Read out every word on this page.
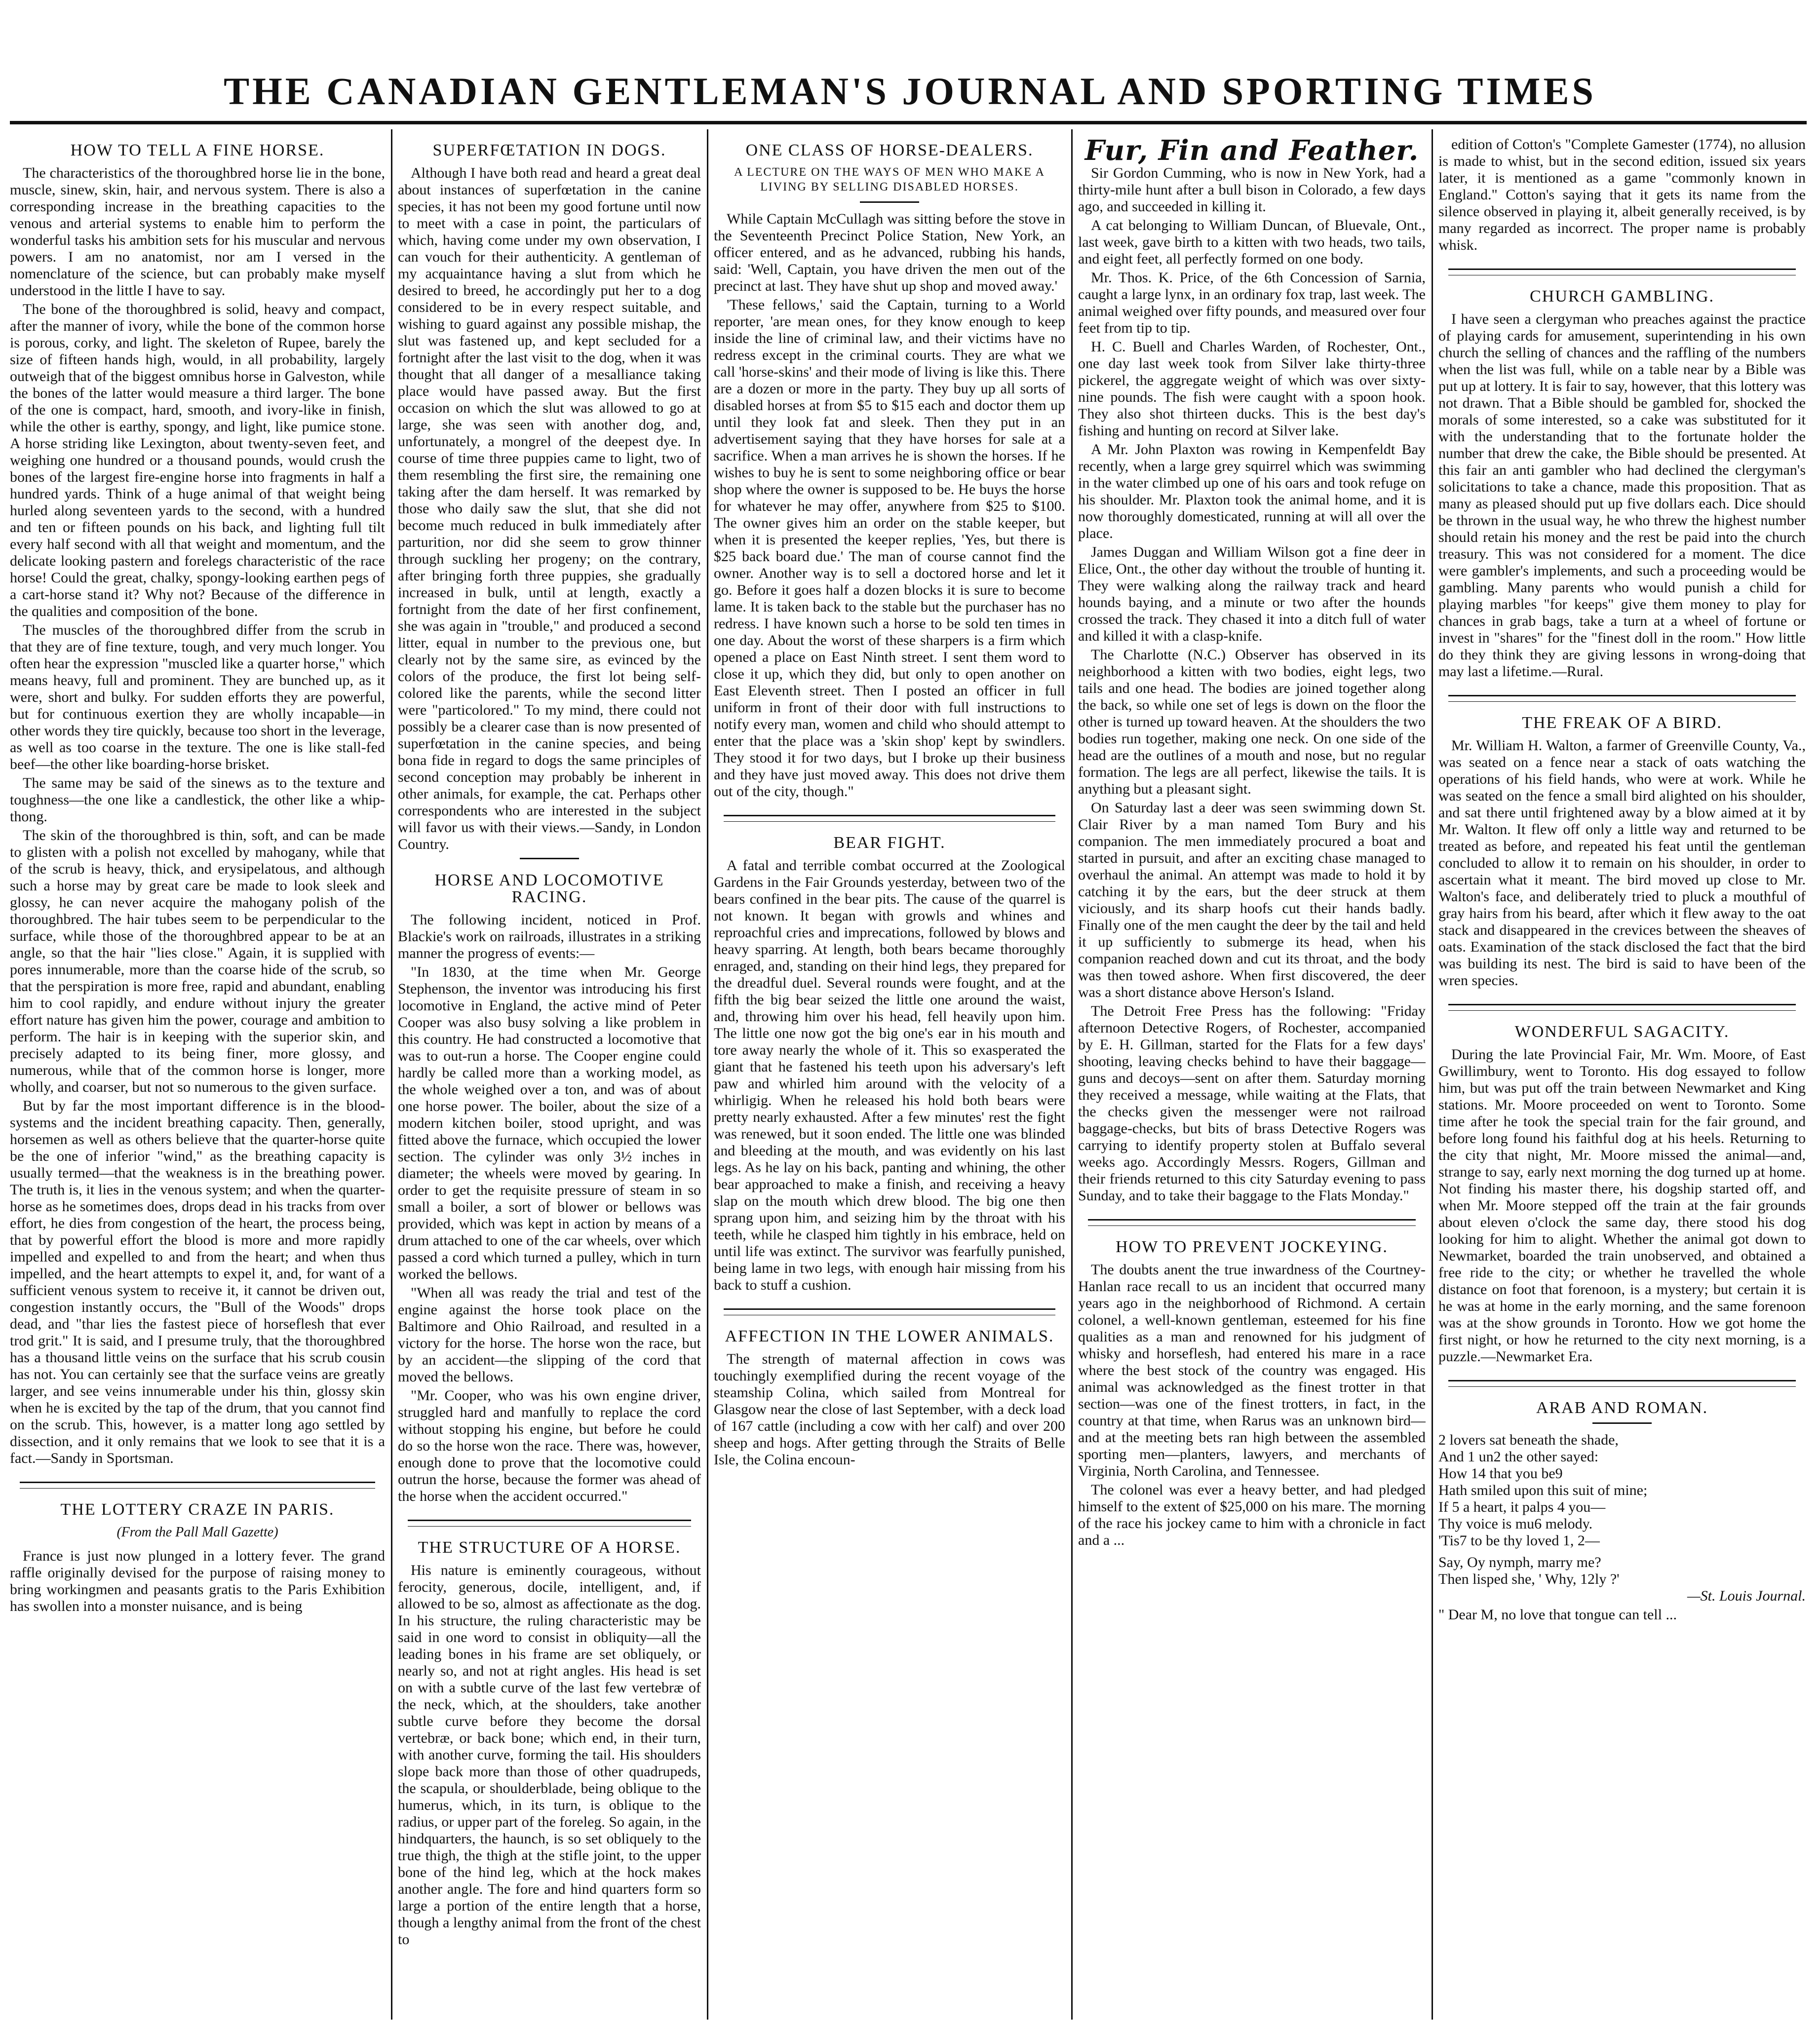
THE CANADIAN GENTLEMAN'S JOURNAL AND SPORTING TIMES
HOW TO TELL A FINE HORSE.

The characteristics of the thoroughbred horse lie in the bone, muscle, sinew, skin, hair, and nervous system. There is also a corresponding increase in the breathing capacities to the venous and arterial systems to enable him to perform the wonderful tasks his ambition sets for his muscular and nervous powers. I am no anatomist, nor am I versed in the nomenclature of the science, but can probably make myself understood in the little I have to say.

The bone of the thoroughbred is solid, heavy and compact, after the manner of ivory, while the bone of the common horse is porous, corky, and light. The skeleton of Rupee, barely the size of fifteen hands high, would, in all probability, largely outweigh that of the biggest omnibus horse in Galveston, while the bones of the latter would measure a third larger. The bone of the one is compact, hard, smooth, and ivory-like in finish, while the other is earthy, spongy, and light, like pumice stone. A horse striding like Lexington, about twenty-seven feet, and weighing one hundred or a thousand pounds, would crush the bones of the largest fire-engine horse into fragments in half a hundred yards. Think of a huge animal of that weight being hurled along seventeen yards to the second, with a hundred and ten or fifteen pounds on his back, and lighting full tilt every half second with all that weight and momentum, and the delicate looking pastern and forelegs characteristic of the race horse! Could the great, chalky, spongy-looking earthen pegs of a cart-horse stand it? Why not? Because of the difference in the qualities and composition of the bone.

The muscles of the thoroughbred differ from the scrub in that they are of fine texture, tough, and very much longer. You often hear the expression "muscled like a quarter horse," which means heavy, full and prominent. They are bunched up, as it were, short and bulky. For sudden efforts they are powerful, but for continuous exertion they are wholly incapable—in other words they tire quickly, because too short in the leverage, as well as too coarse in the texture. The one is like stall-fed beef—the other like boarding-horse brisket.

The same may be said of the sinews as to the texture and toughness—the one like a candlestick, the other like a whip-thong.

The skin of the thoroughbred is thin, soft, and can be made to glisten with a polish not excelled by mahogany, while that of the scrub is heavy, thick, and erysipelatous, and although such a horse may by great care be made to look sleek and glossy, he can never acquire the mahogany polish of the thoroughbred. The hair tubes seem to be perpendicular to the surface, while those of the thoroughbred appear to be at an angle, so that the hair "lies close." Again, it is supplied with pores innumerable, more than the coarse hide of the scrub, so that the perspiration is more free, rapid and abundant, enabling him to cool rapidly, and endure without injury the greater effort nature has given him the power, courage and ambition to perform. The hair is in keeping with the superior skin, and precisely adapted to its being finer, more glossy, and numerous, while that of the common horse is longer, more wholly, and coarser, but not so numerous to the given surface.

But by far the most important difference is in the blood-systems and the incident breathing capacity. Then, generally, horsemen as well as others believe that the quarter-horse quite be the one of inferior "wind," as the breathing capacity is usually termed—that the weakness is in the breathing power. The truth is, it lies in the venous system; and when the quarter-horse as he sometimes does, drops dead in his tracks from over effort, he dies from congestion of the heart, the process being, that by powerful effort the blood is more and more rapidly impelled and expelled to and from the heart; and when thus impelled, and the heart attempts to expel it, and, for want of a sufficient venous system to receive it, it cannot be driven out, congestion instantly occurs, the "Bull of the Woods" drops dead, and "thar lies the fastest piece of horseflesh that ever trod grit." It is said, and I presume truly, that the thoroughbred has a thousand little veins on the surface that his scrub cousin has not. You can certainly see that the surface veins are greatly larger, and see veins innumerable under his thin, glossy skin when he is excited by the tap of the drum, that you cannot find on the scrub. This, however, is a matter long ago settled by dissection, and it only remains that we look to see that it is a fact.—Sandy in Sportsman.

THE LOTTERY CRAZE IN PARIS.
(From the Pall Mall Gazette)

France is just now plunged in a lottery fever. The grand raffle originally devised for the purpose of raising money to bring workingmen and peasants gratis to the Paris Exhibition has swollen into a monster nuisance, and is being

SUPERFŒTATION IN DOGS.

Although I have both read and heard a great deal about instances of superfœtation in the canine species, it has not been my good fortune until now to meet with a case in point, the particulars of which, having come under my own observation, I can vouch for their authenticity. A gentleman of my acquaintance having a slut from which he desired to breed, he accordingly put her to a dog considered to be in every respect suitable, and wishing to guard against any possible mishap, the slut was fastened up, and kept secluded for a fortnight after the last visit to the dog, when it was thought that all danger of a mesalliance taking place would have passed away. But the first occasion on which the slut was allowed to go at large, she was seen with another dog, and, unfortunately, a mongrel of the deepest dye. In course of time three puppies came to light, two of them resembling the first sire, the remaining one taking after the dam herself. It was remarked by those who daily saw the slut, that she did not become much reduced in bulk immediately after parturition, nor did she seem to grow thinner through suckling her progeny; on the contrary, after bringing forth three puppies, she gradually increased in bulk, until at length, exactly a fortnight from the date of her first confinement, she was again in "trouble," and produced a second litter, equal in number to the previous one, but clearly not by the same sire, as evinced by the colors of the produce, the first lot being self-colored like the parents, while the second litter were "particolored." To my mind, there could not possibly be a clearer case than is now presented of superfœtation in the canine species, and being bona fide in regard to dogs the same principles of second conception may probably be inherent in other animals, for example, the cat. Perhaps other correspondents who are interested in the subject will favor us with their views.—Sandy, in London Country.

HORSE AND LOCOMOTIVE RACING.

The following incident, noticed in Prof. Blackie's work on railroads, illustrates in a striking manner the progress of events:—

"In 1830, at the time when Mr. George Stephenson, the inventor was introducing his first locomotive in England, the active mind of Peter Cooper was also busy solving a like problem in this country. He had constructed a locomotive that was to out-run a horse. The Cooper engine could hardly be called more than a working model, as the whole weighed over a ton, and was of about one horse power. The boiler, about the size of a modern kitchen boiler, stood upright, and was fitted above the furnace, which occupied the lower section. The cylinder was only 3½ inches in diameter; the wheels were moved by gearing. In order to get the requisite pressure of steam in so small a boiler, a sort of blower or bellows was provided, which was kept in action by means of a drum attached to one of the car wheels, over which passed a cord which turned a pulley, which in turn worked the bellows.

"When all was ready the trial and test of the engine against the horse took place on the Baltimore and Ohio Railroad, and resulted in a victory for the horse. The horse won the race, but by an accident—the slipping of the cord that moved the bellows.

"Mr. Cooper, who was his own engine driver, struggled hard and manfully to replace the cord without stopping his engine, but before he could do so the horse won the race. There was, however, enough done to prove that the locomotive could outrun the horse, because the former was ahead of the horse when the accident occurred."

THE STRUCTURE OF A HORSE.

His nature is eminently courageous, without ferocity, generous, docile, intelligent, and, if allowed to be so, almost as affectionate as the dog. In his structure, the ruling characteristic may be said in one word to consist in obliquity—all the leading bones in his frame are set obliquely, or nearly so, and not at right angles. His head is set on with a subtle curve of the last few vertebræ of the neck, which, at the shoulders, take another subtle curve before they become the dorsal vertebræ, or back bone; which end, in their turn, with another curve, forming the tail. His shoulders slope back more than those of other quadrupeds, the scapula, or shoulderblade, being oblique to the humerus, which, in its turn, is oblique to the radius, or upper part of the foreleg. So again, in the hindquarters, the haunch, is so set obliquely to the true thigh, the thigh at the stifle joint, to the upper bone of the hind leg, which at the hock makes another angle. The fore and hind quarters form so large a portion of the entire length that a horse, though a lengthy animal from the front of the chest to

ONE CLASS OF HORSE-DEALERS.
A LECTURE ON THE WAYS OF MEN WHO MAKE A LIVING BY SELLING DISABLED HORSES.

While Captain McCullagh was sitting before the stove in the Seventeenth Precinct Police Station, New York, an officer entered, and as he advanced, rubbing his hands, said: 'Well, Captain, you have driven the men out of the precinct at last. They have shut up shop and moved away.'

'These fellows,' said the Captain, turning to a World reporter, 'are mean ones, for they know enough to keep inside the line of criminal law, and their victims have no redress except in the criminal courts. They are what we call 'horse-skins' and their mode of living is like this. There are a dozen or more in the party. They buy up all sorts of disabled horses at from $5 to $15 each and doctor them up until they look fat and sleek. Then they put in an advertisement saying that they have horses for sale at a sacrifice. When a man arrives he is shown the horses. If he wishes to buy he is sent to some neighboring office or bear shop where the owner is supposed to be. He buys the horse for whatever he may offer, anywhere from $25 to $100. The owner gives him an order on the stable keeper, but when it is presented the keeper replies, 'Yes, but there is $25 back board due.' The man of course cannot find the owner. Another way is to sell a doctored horse and let it go. Before it goes half a dozen blocks it is sure to become lame. It is taken back to the stable but the purchaser has no redress. I have known such a horse to be sold ten times in one day. About the worst of these sharpers is a firm which opened a place on East Ninth street. I sent them word to close it up, which they did, but only to open another on East Eleventh street. Then I posted an officer in full uniform in front of their door with full instructions to notify every man, women and child who should attempt to enter that the place was a 'skin shop' kept by swindlers. They stood it for two days, but I broke up their business and they have just moved away. This does not drive them out of the city, though."

BEAR FIGHT.

A fatal and terrible combat occurred at the Zoological Gardens in the Fair Grounds yesterday, between two of the bears confined in the bear pits. The cause of the quarrel is not known. It began with growls and whines and reproachful cries and imprecations, followed by blows and heavy sparring. At length, both bears became thoroughly enraged, and, standing on their hind legs, they prepared for the dreadful duel. Several rounds were fought, and at the fifth the big bear seized the little one around the waist, and, throwing him over his head, fell heavily upon him. The little one now got the big one's ear in his mouth and tore away nearly the whole of it. This so exasperated the giant that he fastened his teeth upon his adversary's left paw and whirled him around with the velocity of a whirligig. When he released his hold both bears were pretty nearly exhausted. After a few minutes' rest the fight was renewed, but it soon ended. The little one was blinded and bleeding at the mouth, and was evidently on his last legs. As he lay on his back, panting and whining, the other bear approached to make a finish, and receiving a heavy slap on the mouth which drew blood. The big one then sprang upon him, and seizing him by the throat with his teeth, while he clasped him tightly in his embrace, held on until life was extinct. The survivor was fearfully punished, being lame in two legs, with enough hair missing from his back to stuff a cushion.

AFFECTION IN THE LOWER ANIMALS.

The strength of maternal affection in cows was touchingly exemplified during the recent voyage of the steamship Colina, which sailed from Montreal for Glasgow near the close of last September, with a deck load of 167 cattle (including a cow with her calf) and over 200 sheep and hogs. After getting through the Straits of Belle Isle, the Colina encoun-

Fur, Fin and Feather.

Sir Gordon Cumming, who is now in New York, had a thirty-mile hunt after a bull bison in Colorado, a few days ago, and succeeded in killing it.

A cat belonging to William Duncan, of Bluevale, Ont., last week, gave birth to a kitten with two heads, two tails, and eight feet, all perfectly formed on one body.

Mr. Thos. K. Price, of the 6th Concession of Sarnia, caught a large lynx, in an ordinary fox trap, last week. The animal weighed over fifty pounds, and measured over four feet from tip to tip.

H. C. Buell and Charles Warden, of Rochester, Ont., one day last week took from Silver lake thirty-three pickerel, the aggregate weight of which was over sixty-nine pounds. The fish were caught with a spoon hook. They also shot thirteen ducks. This is the best day's fishing and hunting on record at Silver lake.

A Mr. John Plaxton was rowing in Kempenfeldt Bay recently, when a large grey squirrel which was swimming in the water climbed up one of his oars and took refuge on his shoulder. Mr. Plaxton took the animal home, and it is now thoroughly domesticated, running at will all over the place.

James Duggan and William Wilson got a fine deer in Elice, Ont., the other day without the trouble of hunting it. They were walking along the railway track and heard hounds baying, and a minute or two after the hounds crossed the track. They chased it into a ditch full of water and killed it with a clasp-knife.

The Charlotte (N.C.) Observer has observed in its neighborhood a kitten with two bodies, eight legs, two tails and one head. The bodies are joined together along the back, so while one set of legs is down on the floor the other is turned up toward heaven. At the shoulders the two bodies run together, making one neck. On one side of the head are the outlines of a mouth and nose, but no regular formation. The legs are all perfect, likewise the tails. It is anything but a pleasant sight.

On Saturday last a deer was seen swimming down St. Clair River by a man named Tom Bury and his companion. The men immediately procured a boat and started in pursuit, and after an exciting chase managed to overhaul the animal. An attempt was made to hold it by catching it by the ears, but the deer struck at them viciously, and its sharp hoofs cut their hands badly. Finally one of the men caught the deer by the tail and held it up sufficiently to submerge its head, when his companion reached down and cut its throat, and the body was then towed ashore. When first discovered, the deer was a short distance above Herson's Island.

The Detroit Free Press has the following: "Friday afternoon Detective Rogers, of Rochester, accompanied by E. H. Gillman, started for the Flats for a few days' shooting, leaving checks behind to have their baggage—guns and decoys—sent on after them. Saturday morning they received a message, while waiting at the Flats, that the checks given the messenger were not railroad baggage-checks, but bits of brass Detective Rogers was carrying to identify property stolen at Buffalo several weeks ago. Accordingly Messrs. Rogers, Gillman and their friends returned to this city Saturday evening to pass Sunday, and to take their baggage to the Flats Monday."

HOW TO PREVENT JOCKEYING.

The doubts anent the true inwardness of the Courtney-Hanlan race recall to us an incident that occurred many years ago in the neighborhood of Richmond. A certain colonel, a well-known gentleman, esteemed for his fine qualities as a man and renowned for his judgment of whisky and horseflesh, had entered his mare in a race where the best stock of the country was engaged. His animal was acknowledged as the finest trotter in that section—was one of the finest trotters, in fact, in the country at that time, when Rarus was an unknown bird—and at the meeting bets ran high between the assembled sporting men—planters, lawyers, and merchants of Virginia, North Carolina, and Tennessee.

The colonel was ever a heavy better, and had pledged himself to the extent of $25,000 on his mare. The morning of the race his jockey came to him with a chronicle in fact and a ...

edition of Cotton's "Complete Gamester (1774), no allusion is made to whist, but in the second edition, issued six years later, it is mentioned as a game "commonly known in England." Cotton's saying that it gets its name from the silence observed in playing it, albeit generally received, is by many regarded as incorrect. The proper name is probably whisk.

CHURCH GAMBLING.

I have seen a clergyman who preaches against the practice of playing cards for amusement, superintending in his own church the selling of chances and the raffling of the numbers when the list was full, while on a table near by a Bible was put up at lottery. It is fair to say, however, that this lottery was not drawn. That a Bible should be gambled for, shocked the morals of some interested, so a cake was substituted for it with the understanding that to the fortunate holder the number that drew the cake, the Bible should be presented. At this fair an anti gambler who had declined the clergyman's solicitations to take a chance, made this proposition. That as many as pleased should put up five dollars each. Dice should be thrown in the usual way, he who threw the highest number should retain his money and the rest be paid into the church treasury. This was not considered for a moment. The dice were gambler's implements, and such a proceeding would be gambling. Many parents who would punish a child for playing marbles "for keeps" give them money to play for chances in grab bags, take a turn at a wheel of fortune or invest in "shares" for the "finest doll in the room." How little do they think they are giving lessons in wrong-doing that may last a lifetime.—Rural.

THE FREAK OF A BIRD.

Mr. William H. Walton, a farmer of Greenville County, Va., was seated on a fence near a stack of oats watching the operations of his field hands, who were at work. While he was seated on the fence a small bird alighted on his shoulder, and sat there until frightened away by a blow aimed at it by Mr. Walton. It flew off only a little way and returned to be treated as before, and repeated his feat until the gentleman concluded to allow it to remain on his shoulder, in order to ascertain what it meant. The bird moved up close to Mr. Walton's face, and deliberately tried to pluck a mouthful of gray hairs from his beard, after which it flew away to the oat stack and disappeared in the crevices between the sheaves of oats. Examination of the stack disclosed the fact that the bird was building its nest. The bird is said to have been of the wren species.

WONDERFUL SAGACITY.

During the late Provincial Fair, Mr. Wm. Moore, of East Gwillimbury, went to Toronto. His dog essayed to follow him, but was put off the train between Newmarket and King stations. Mr. Moore proceeded on went to Toronto. Some time after he took the special train for the fair ground, and before long found his faithful dog at his heels. Returning to the city that night, Mr. Moore missed the animal—and, strange to say, early next morning the dog turned up at home. Not finding his master there, his dogship started off, and when Mr. Moore stepped off the train at the fair grounds about eleven o'clock the same day, there stood his dog looking for him to alight. Whether the animal got down to Newmarket, boarded the train unobserved, and obtained a free ride to the city; or whether he travelled the whole distance on foot that forenoon, is a mystery; but certain it is he was at home in the early morning, and the same forenoon was at the show grounds in Toronto. How we got home the first night, or how he returned to the city next morning, is a puzzle.—Newmarket Era.

ARAB AND ROMAN.

2 lovers sat beneath the shade,

And 1 un2 the other sayed:

How 14 that you be9

Hath smiled upon this suit of mine;

If 5 a heart, it palps 4 you—

Thy voice is mu6 melody.

'Tis7 to be thy loved 1, 2—

Say, Oy nymph, marry me?

Then lisped she, ' Why, 12ly ?'

—St. Louis Journal.

" Dear M, no love that tongue can tell ...
